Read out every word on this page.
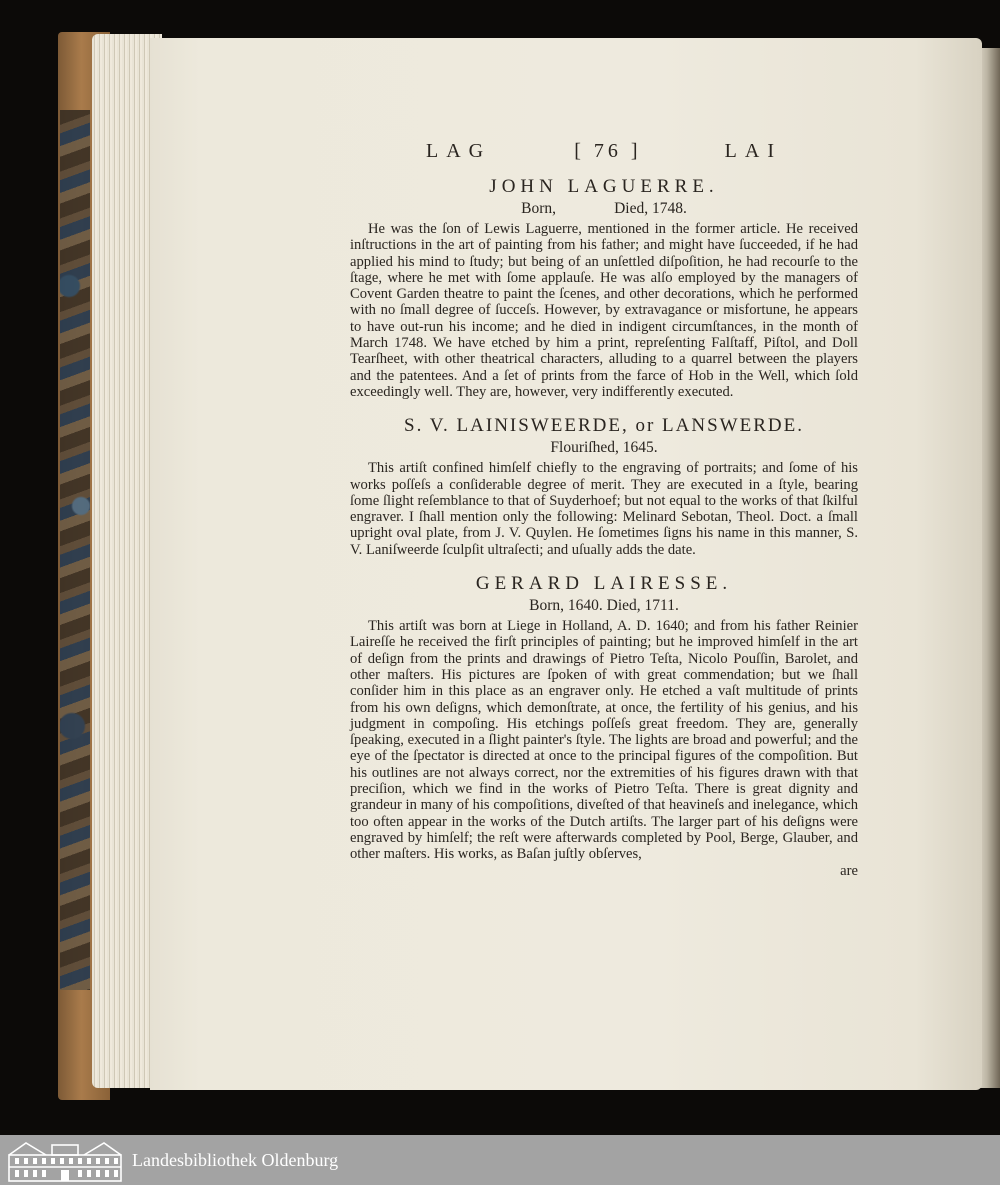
LAG	[ 76 ]	LAI
JOHN LAGUERRE.
Born,               Died, 1748.

He was the ſon of Lewis Laguerre, mentioned in the former article. He received inſtructions in the art of painting from his father; and might have ſucceeded, if he had applied his mind to ſtudy; but being of an unſettled diſpoſition, he had recourſe to the ſtage, where he met with ſome applauſe. He was alſo employed by the managers of Covent Garden theatre to paint the ſcenes, and other decorations, which he performed with no ſmall degree of ſucceſs. However, by extravagance or misfortune, he appears to have out-run his income; and he died in indigent circumſtances, in the month of March 1748. We have etched by him a print, repreſenting Falſtaff, Piſtol, and Doll Tearſheet, with other theatrical characters, alluding to a quarrel between the players and the patentees. And a ſet of prints from the farce of Hob in the Well, which ſold exceedingly well. They are, however, very indifferently executed.

S. V. LAINISWEERDE, or LANSWERDE.
Flouriſhed, 1645.

This artiſt confined himſelf chiefly to the engraving of portraits; and ſome of his works poſſeſs a conſiderable degree of merit. They are executed in a ſtyle, bearing ſome ſlight reſemblance to that of Suyderhoef; but not equal to the works of that ſkilful engraver. I ſhall mention only the following: Melinard Sebotan, Theol. Doct. a ſmall upright oval plate, from J. V. Quylen. He ſometimes ſigns his name in this manner, S. V. Laniſweerde ſculpſit ultraſecti; and uſually adds the date.

GERARD LAIRESSE.
Born, 1640. Died, 1711.

This artiſt was born at Liege in Holland, A. D. 1640; and from his father Reinier Laireſſe he received the firſt principles of painting; but he improved himſelf in the art of deſign from the prints and drawings of Pietro Teſta, Nicolo Pouſſin, Barolet, and other maſters. His pictures are ſpoken of with great commendation; but we ſhall conſider him in this place as an engraver only. He etched a vaſt multitude of prints from his own deſigns, which demonſtrate, at once, the fertility of his genius, and his judgment in compoſing. His etchings poſſeſs great freedom. They are, generally ſpeaking, executed in a ſlight painter's ſtyle. The lights are broad and powerful; and the eye of the ſpectator is directed at once to the principal figures of the compoſition. But his outlines are not always correct, nor the extremities of his figures drawn with that preciſion, which we find in the works of Pietro Teſta. There is great dignity and grandeur in many of his compoſitions, diveſted of that heavineſs and inelegance, which too often appear in the works of the Dutch artiſts. The larger part of his deſigns were engraved by himſelf; the reſt were afterwards completed by Pool, Berge, Glauber, and other maſters. His works, as Baſan juſtly obſerves,

are
Landesbibliothek Oldenburg
